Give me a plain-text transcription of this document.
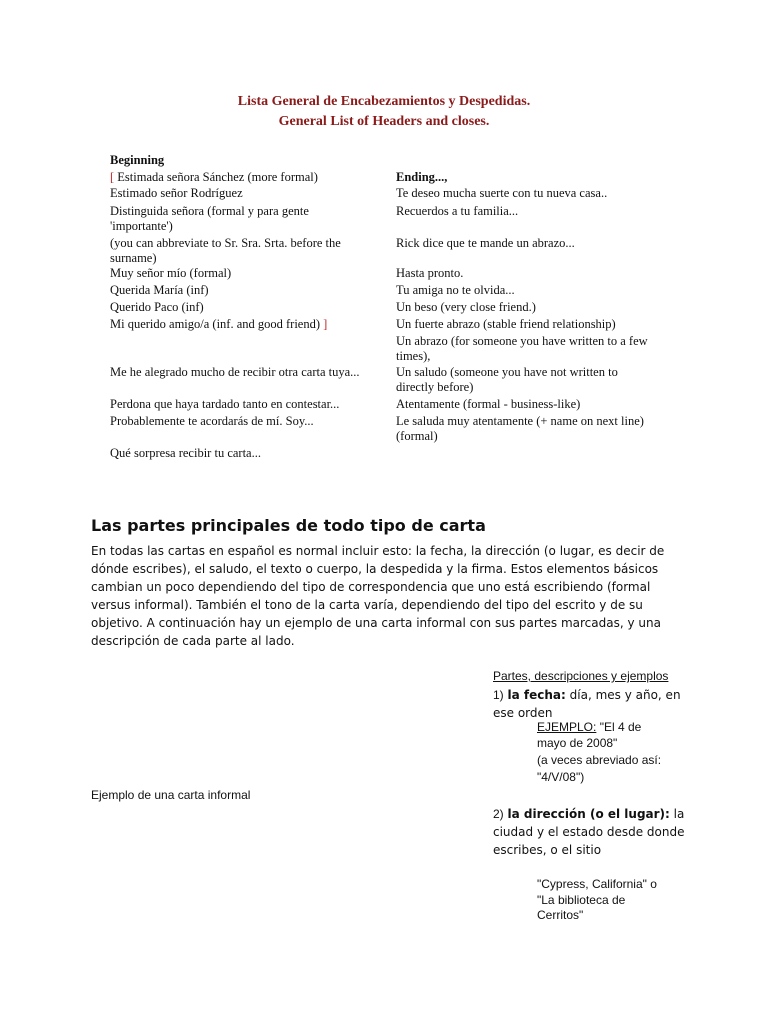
Lista General de Encabezamientos y Despedidas.
General List of Headers and closes.
Beginning
[ Estimada señora Sánchez (more formal)
Estimado señor Rodríguez
Distinguida señora (formal y para gente
'importante')
(you can abbreviate to Sr. Sra. Srta. before the
surname)
Muy señor mío (formal)
Querida María (inf)
Querido Paco (inf)
Mi querido amigo/a (inf. and good friend) ]
Me he alegrado mucho de recibir otra carta tuya...
Perdona que haya tardado tanto en contestar...
Probablemente te acordarás de mí. Soy...
Qué sorpresa recibir tu carta...
Ending...,
Te deseo mucha suerte con tu nueva casa..
Recuerdos a tu familia...
Rick dice que te mande un abrazo...
Hasta pronto.
Tu amiga no te olvida...
Un beso (very close friend.)
Un fuerte abrazo (stable friend relationship)
Un abrazo (for someone you have written to a few
times),
Un saludo (someone you have not written to
directly before)
Atentamente (formal - business-like)
Le saluda muy atentamente (+ name on next line)
(formal)
Las partes principales de todo tipo de carta
En todas las cartas en español es normal incluir esto: la fecha, la dirección (o lugar, es decir de dónde escribes), el saludo, el texto o cuerpo, la despedida y la firma. Estos elementos básicos cambian un poco dependiendo del tipo de correspondencia que uno está escribiendo (formal versus informal). También el tono de la carta varía, dependiendo del tipo del escrito y de su objetivo. A continuación hay un ejemplo de una carta informal con sus partes marcadas, y una descripción de cada parte al lado.
Ejemplo de una carta informal
Partes, descripciones y ejemplos
1) la fecha: día, mes y año, en
ese orden
EJEMPLO: "El 4 de
mayo de 2008"
(a veces abreviado así:
"4/V/08")
2) la dirección (o el lugar): la
ciudad y el estado desde donde
escribes, o el sitio
"Cypress, California" o
"La biblioteca de
Cerritos"
